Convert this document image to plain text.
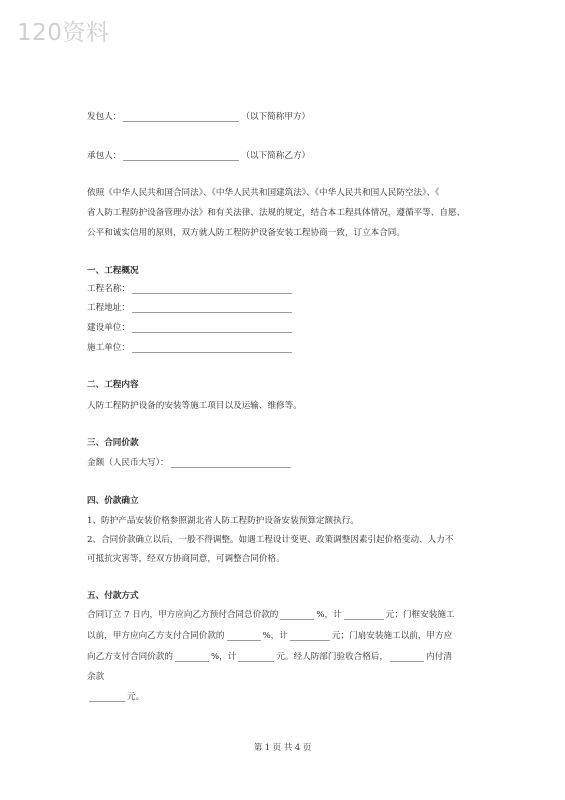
120资料
发包人：	（以下简称甲方）
承包人：	（以下简称乙方）
依照《中华人民共和国合同法》、《中华人民共和国建筑法》、《中华人民共和国人民防空法》、《
省人防工程防护设备管理办法》和有关法律、法规的规定，结合本工程具体情况，遵循平等、自愿、
公平和诚实信用的原则，双方就人防工程防护设备安装工程协商一致，订立本合同。
一、工程概况
工程名称：
工程地址：
建设单位：
施工单位：
二、工程内容
人防工程防护设备的安装等施工项目以及运输、维修等。
三、合同价款
金额（人民币大写）：
四、价款确立
1、防护产品安装价格参照湖北省人防工程防护设备安装预算定额执行。
2、合同价款确立以后，一般不得调整。如遇工程设计变更、政策调整因素引起价格变动、人力不
可抵抗灾害等，经双方协商同意，可调整合同价格。
五、付款方式
合同订立 7 日内，甲方应向乙方预付合同总价款的	%，计	元；门框安装施工
以前，甲方应向乙方支付合同价款的	%，计	元；门扇安装施工以前，甲方应
向乙方支付合同价款的	%，计	元。经人防部门验收合格后，	内付清
余款
元。
第 1 页 共 4 页
